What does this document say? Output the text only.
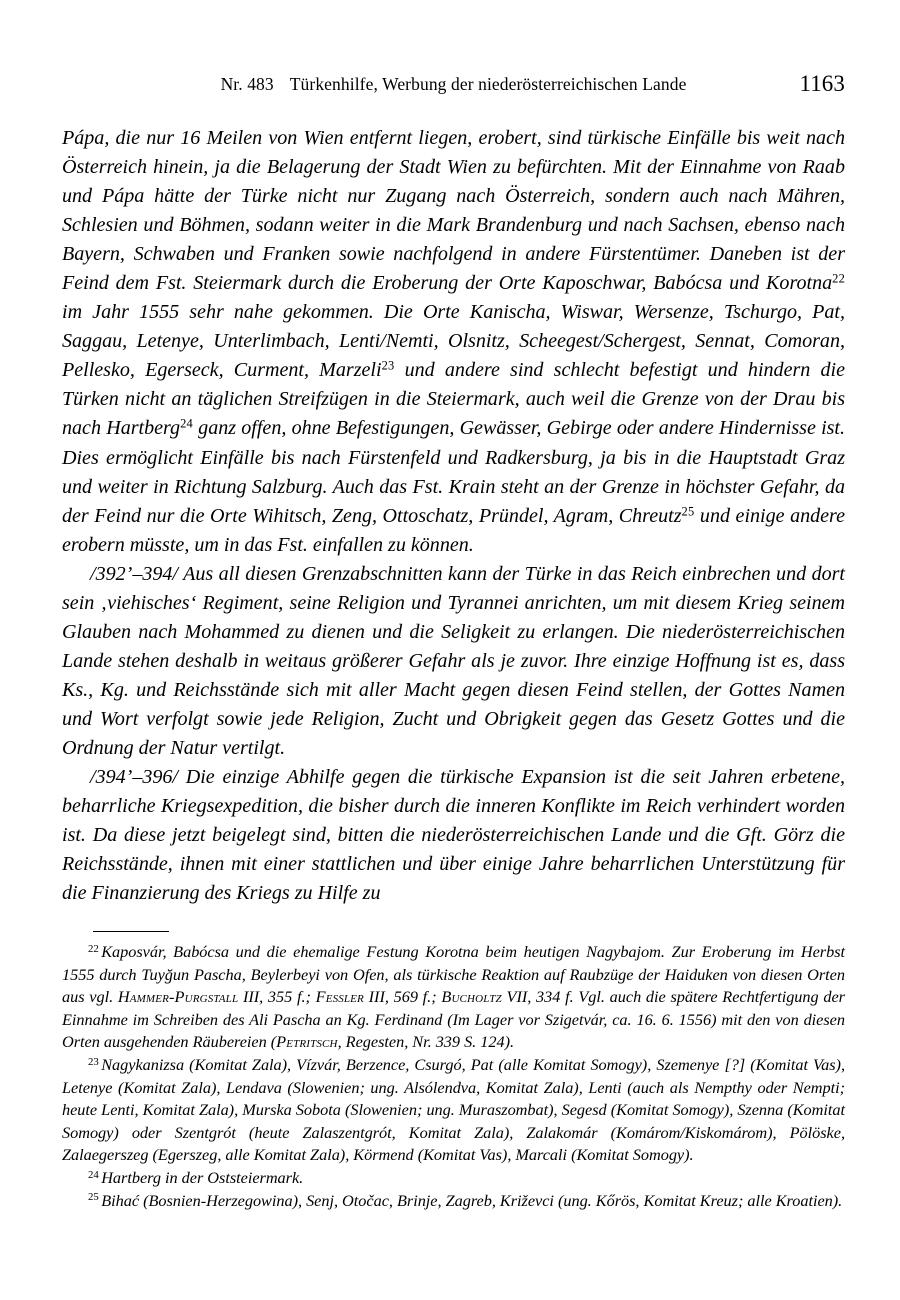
Nr. 483 Türkenhilfe, Werbung der niederösterreichischen Lande	1163

Pápa, die nur 16 Meilen von Wien entfernt liegen, erobert, sind türkische Einfälle bis weit nach Österreich hinein, ja die Belagerung der Stadt Wien zu befürchten. Mit der Einnahme von Raab und Pápa hätte der Türke nicht nur Zugang nach Österreich, sondern auch nach Mähren, Schlesien und Böhmen, sodann weiter in die Mark Brandenburg und nach Sachsen, ebenso nach Bayern, Schwaben und Franken sowie nachfolgend in andere Fürstentümer. Daneben ist der Feind dem Fst. Steiermark durch die Eroberung der Orte Kaposchwar, Babócsa und Korotna$^{22}$ im Jahr 1555 sehr nahe gekommen. Die Orte Kanischa, Wiswar, Wersenze, Tschurgo, Pat, Saggau, Letenye, Unterlimbach, Lenti/Nemti, Olsnitz, Scheegest/Schergest, Sennat, Comoran, Pellesko, Egerseck, Curment, Marzeli$^{23}$ und andere sind schlecht befestigt und hindern die Türken nicht an täglichen Streifzügen in die Steiermark, auch weil die Grenze von der Drau bis nach Hartberg$^{24}$ ganz offen, ohne Befestigungen, Gewässer, Gebirge oder andere Hindernisse ist. Dies ermöglicht Einfälle bis nach Fürstenfeld und Radkersburg, ja bis in die Hauptstadt Graz und weiter in Richtung Salzburg. Auch das Fst. Krain steht an der Grenze in höchster Gefahr, da der Feind nur die Orte Wihitsch, Zeng, Ottoschatz, Pründel, Agram, Chreutz$^{25}$ und einige andere erobern müsste, um in das Fst. einfallen zu können.

/392’–394/ Aus all diesen Grenzabschnitten kann der Türke in das Reich einbrechen und dort sein ‚viehisches‘ Regiment, seine Religion und Tyrannei anrichten, um mit diesem Krieg seinem Glauben nach Mohammed zu dienen und die Seligkeit zu erlangen. Die niederösterreichischen Lande stehen deshalb in weitaus größerer Gefahr als je zuvor. Ihre einzige Hoffnung ist es, dass Ks., Kg. und Reichsstände sich mit aller Macht gegen diesen Feind stellen, der Gottes Namen und Wort verfolgt sowie jede Religion, Zucht und Obrigkeit gegen das Gesetz Gottes und die Ordnung der Natur vertilgt.

/394’–396/ Die einzige Abhilfe gegen die türkische Expansion ist die seit Jahren erbetene, beharrliche Kriegsexpedition, die bisher durch die inneren Konflikte im Reich verhindert worden ist. Da diese jetzt beigelegt sind, bitten die niederösterreichischen Lande und die Gft. Görz die Reichsstände, ihnen mit einer stattlichen und über einige Jahre beharrlichen Unterstützung für die Finanzierung des Kriegs zu Hilfe zu

$^{22}$ Kaposvár, Babócsa und die ehemalige Festung Korotna beim heutigen Nagybajom. Zur Eroberung im Herbst 1555 durch Tuyğun Pascha, Beylerbeyi von Ofen, als türkische Reaktion auf Raubzüge der Haiduken von diesen Orten aus vgl. Hammer-Purgstall III, 355 f.; Fessler III, 569 f.; Bucholtz VII, 334 f. Vgl. auch die spätere Rechtfertigung der Einnahme im Schreiben des Ali Pascha an Kg. Ferdinand (Im Lager vor Szigetvár, ca. 16. 6. 1556) mit den von diesen Orten ausgehenden Räubereien (Petritsch, Regesten, Nr. 339 S. 124).

$^{23}$ Nagykanizsa (Komitat Zala), Vízvár, Berzence, Csurgó, Pat (alle Komitat Somogy), Szemenye [?] (Komitat Vas), Letenye (Komitat Zala), Lendava (Slowenien; ung. Alsólendva, Komitat Zala), Lenti (auch als Nempthy oder Nempti; heute Lenti, Komitat Zala), Murska Sobota (Slowenien; ung. Muraszombat), Segesd (Komitat Somogy), Szenna (Komitat Somogy) oder Szentgrót (heute Zalaszentgrót, Komitat Zala), Zalakomár (Komárom/Kiskomárom), Pölöske, Zalaegerszeg (Egerszeg, alle Komitat Zala), Körmend (Komitat Vas), Marcali (Komitat Somogy).

$^{24}$ Hartberg in der Oststeiermark.

$^{25}$ Bihać (Bosnien-Herzegowina), Senj, Otočac, Brinje, Zagreb, Križevci (ung. Kőrös, Komitat Kreuz; alle Kroatien).
